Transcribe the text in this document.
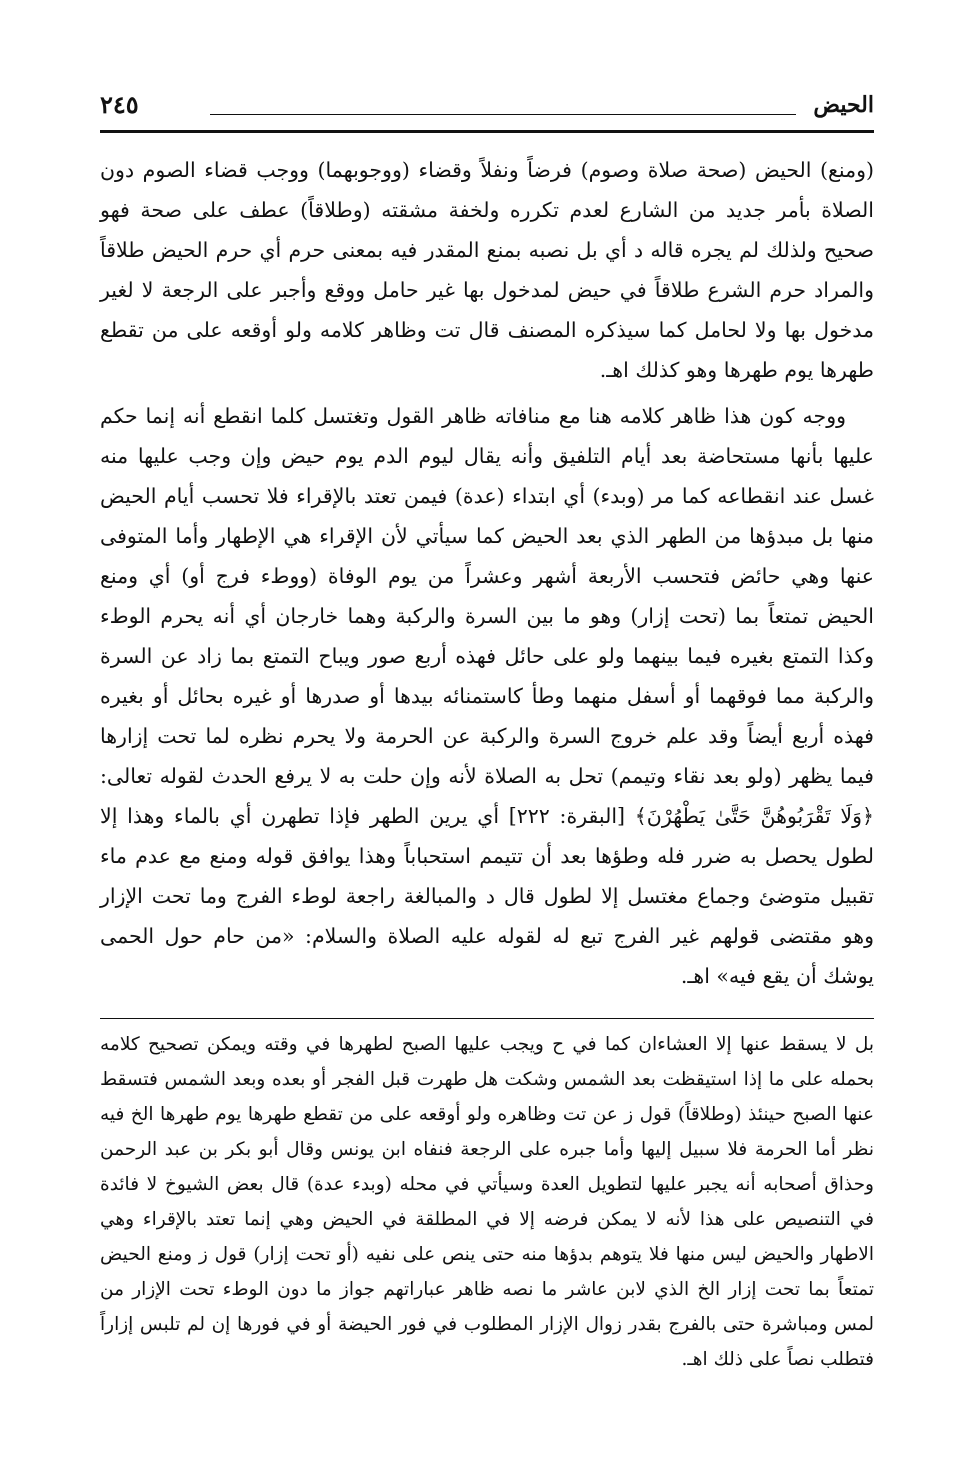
الحيض
٢٤٥

(ومنع) الحيض (صحة صلاة وصوم) فرضاً ونفلاً وقضاء (ووجوبهما) ووجب قضاء الصوم دون الصلاة بأمر جديد من الشارع لعدم تكرره ولخفة مشقته (وطلاقاً) عطف على صحة فهو صحيح ولذلك لم يجره قاله د أي بل نصبه بمنع المقدر فيه بمعنى حرم أي حرم الحيض طلاقاً والمراد حرم الشرع طلاقاً في حيض لمدخول بها غير حامل ووقع وأجبر على الرجعة لا لغير مدخول بها ولا لحامل كما سيذكره المصنف قال تت وظاهر كلامه ولو أوقعه على من تقطع طهرها يوم طهرها وهو كذلك اهـ.

ووجه كون هذا ظاهر كلامه هنا مع منافاته ظاهر القول وتغتسل كلما انقطع أنه إنما حكم عليها بأنها مستحاضة بعد أيام التلفيق وأنه يقال ليوم الدم يوم حيض وإن وجب عليها منه غسل عند انقطاعه كما مر (وبدء) أي ابتداء (عدة) فيمن تعتد بالإقراء فلا تحسب أيام الحيض منها بل مبدؤها من الطهر الذي بعد الحيض كما سيأتي لأن الإقراء هي الإطهار وأما المتوفى عنها وهي حائض فتحسب الأربعة أشهر وعشراً من يوم الوفاة (ووطء فرج أو) أي ومنع الحيض تمتعاً بما (تحت إزار) وهو ما بين السرة والركبة وهما خارجان أي أنه يحرم الوطء وكذا التمتع بغيره فيما بينهما ولو على حائل فهذه أربع صور ويباح التمتع بما زاد عن السرة والركبة مما فوقهما أو أسفل منهما وطأ كاستمنائه بيدها أو صدرها أو غيره بحائل أو بغيره فهذه أربع أيضاً وقد علم خروج السرة والركبة عن الحرمة ولا يحرم نظره لما تحت إزارها فيما يظهر (ولو بعد نقاء وتيمم) تحل به الصلاة لأنه وإن حلت به لا يرفع الحدث لقوله تعالى: ﴿وَلَا تَقْرَبُوهُنَّ حَتَّىٰ يَطْهُرْنَ﴾ [البقرة: ٢٢٢] أي يرين الطهر فإذا تطهرن أي بالماء وهذا إلا لطول يحصل به ضرر فله وطؤها بعد أن تتيمم استحباباً وهذا يوافق قوله ومنع مع عدم ماء تقبيل متوضئ وجماع مغتسل إلا لطول قال د والمبالغة راجعة لوطء الفرج وما تحت الإزار وهو مقتضى قولهم غير الفرج تبع له لقوله عليه الصلاة والسلام: «من حام حول الحمى يوشك أن يقع فيه» اهـ.

بل لا يسقط عنها إلا العشاءان كما في ح ويجب عليها الصبح لطهرها في وقته ويمكن تصحيح كلامه بحمله على ما إذا استيقظت بعد الشمس وشكت هل طهرت قبل الفجر أو بعده وبعد الشمس فتسقط عنها الصبح حينئذ (وطلاقاً) قول ز عن تت وظاهره ولو أوقعه على من تقطع طهرها يوم طهرها الخ فيه نظر أما الحرمة فلا سبيل إليها وأما جبره على الرجعة فنفاه ابن يونس وقال أبو بكر بن عبد الرحمن وحذاق أصحابه أنه يجبر عليها لتطويل العدة وسيأتي في محله (وبدء عدة) قال بعض الشيوخ لا فائدة في التنصيص على هذا لأنه لا يمكن فرضه إلا في المطلقة في الحيض وهي إنما تعتد بالإقراء وهي الاطهار والحيض ليس منها فلا يتوهم بدؤها منه حتى ينص على نفيه (أو تحت إزار) قول ز ومنع الحيض تمتعاً بما تحت إزار الخ الذي لابن عاشر ما نصه ظاهر عباراتهم جواز ما دون الوطء تحت الإزار من لمس ومباشرة حتى بالفرج بقدر زوال الإزار المطلوب في فور الحيضة أو في فورها إن لم تلبس إزاراً فتطلب نصاً على ذلك اهـ.
